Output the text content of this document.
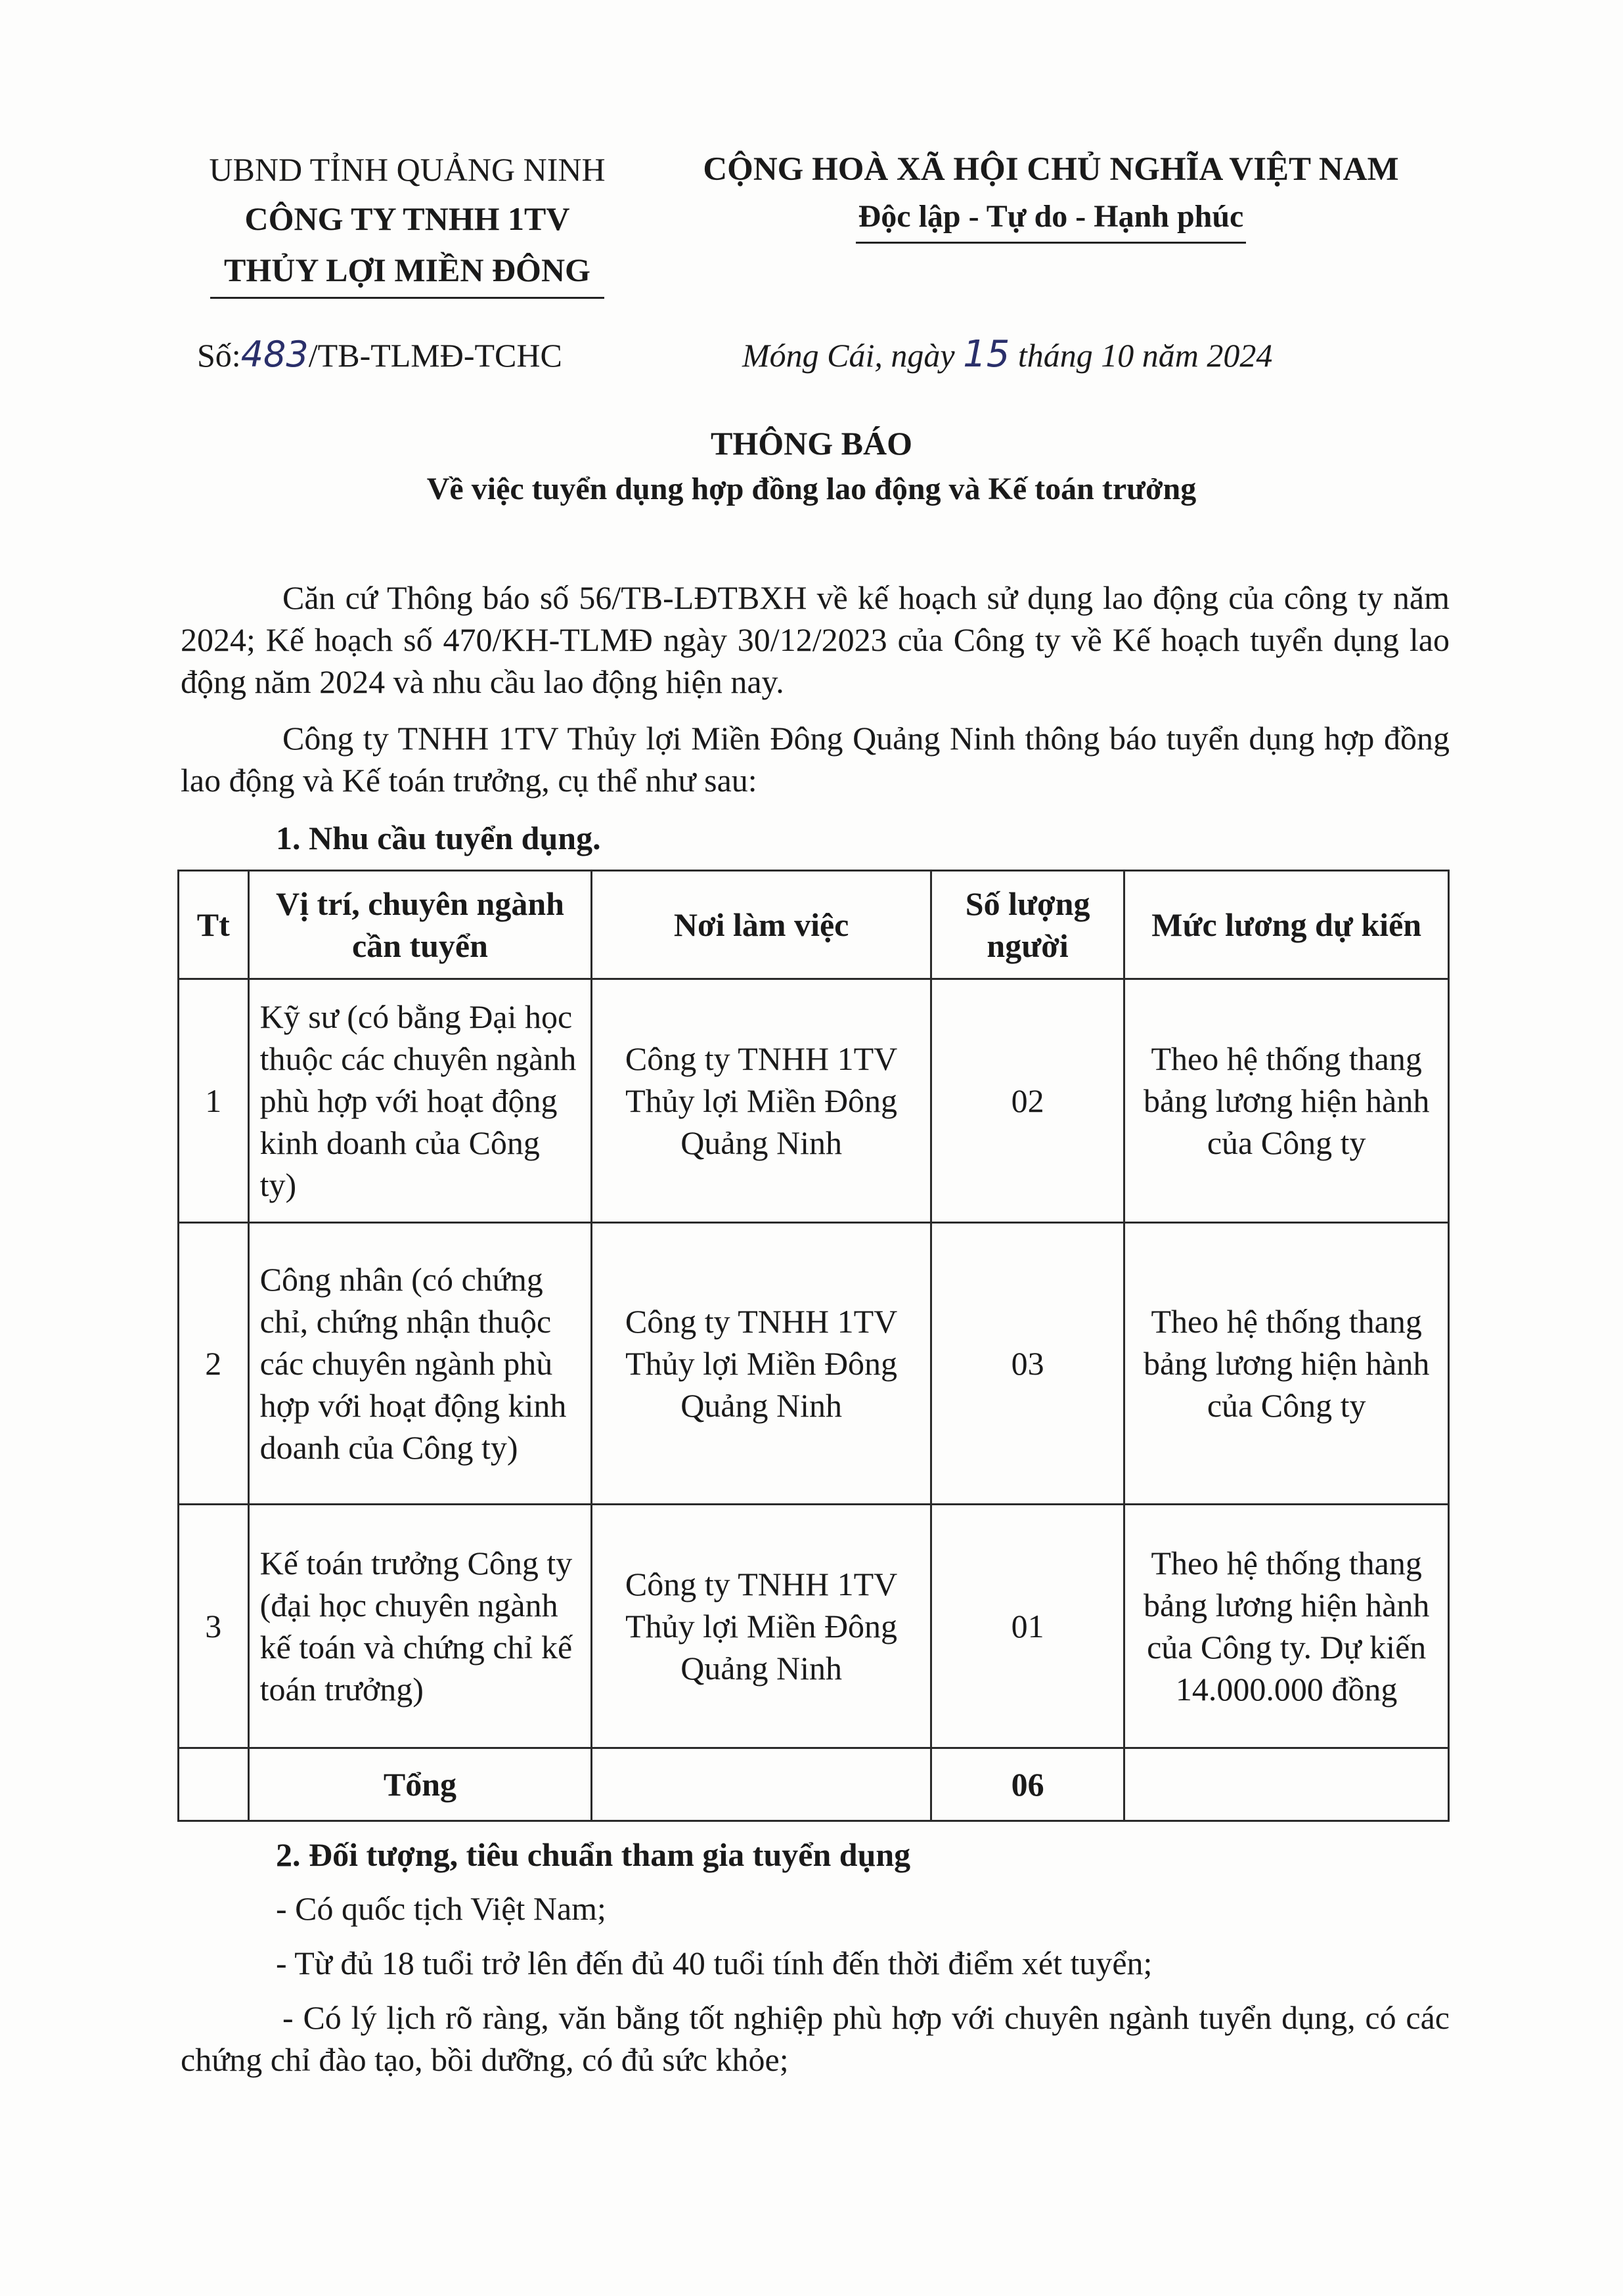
UBND TỈNH QUẢNG NINH
CÔNG TY TNHH 1TV
THỦY LỢI MIỀN ĐÔNG
CỘNG HOÀ XÃ HỘI CHỦ NGHĨA VIỆT NAM
Độc lập - Tự do - Hạnh phúc
Số:483/TB-TLMĐ-TCHC	Móng Cái, ngày 15 tháng 10 năm 2024
THÔNG BÁO
Về việc tuyển dụng hợp đồng lao động và Kế toán trưởng
Căn cứ Thông báo số 56/TB-LĐTBXH về kế hoạch sử dụng lao động của công ty năm 2024; Kế hoạch số 470/KH-TLMĐ ngày 30/12/2023 của Công ty về Kế hoạch tuyển dụng lao động năm 2024 và nhu cầu lao động hiện nay.
Công ty TNHH 1TV Thủy lợi Miền Đông Quảng Ninh thông báo tuyển dụng hợp đồng lao động và Kế toán trưởng, cụ thể như sau:
1. Nhu cầu tuyển dụng.
Tt	Vị trí, chuyên ngành cần tuyển	Nơi làm việc	Số lượng người	Mức lương dự kiến
1	Kỹ sư (có bằng Đại học thuộc các chuyên ngành phù hợp với hoạt động kinh doanh của Công ty)	Công ty TNHH 1TV Thủy lợi Miền Đông Quảng Ninh	02	Theo hệ thống thang bảng lương hiện hành của Công ty
2	Công nhân (có chứng chỉ, chứng nhận thuộc các chuyên ngành phù hợp với hoạt động kinh doanh của Công ty)	Công ty TNHH 1TV Thủy lợi Miền Đông Quảng Ninh	03	Theo hệ thống thang bảng lương hiện hành của Công ty
3	Kế toán trưởng Công ty (đại học chuyên ngành kế toán và chứng chỉ kế toán trưởng)	Công ty TNHH 1TV Thủy lợi Miền Đông Quảng Ninh	01	Theo hệ thống thang bảng lương hiện hành của Công ty. Dự kiến 14.000.000 đồng
	Tổng		06	
2. Đối tượng, tiêu chuẩn tham gia tuyển dụng
- Có quốc tịch Việt Nam;
- Từ đủ 18 tuổi trở lên đến đủ 40 tuổi tính đến thời điểm xét tuyển;
- Có lý lịch rõ ràng, văn bằng tốt nghiệp phù hợp với chuyên ngành tuyển dụng, có các chứng chỉ đào tạo, bồi dưỡng, có đủ sức khỏe;
